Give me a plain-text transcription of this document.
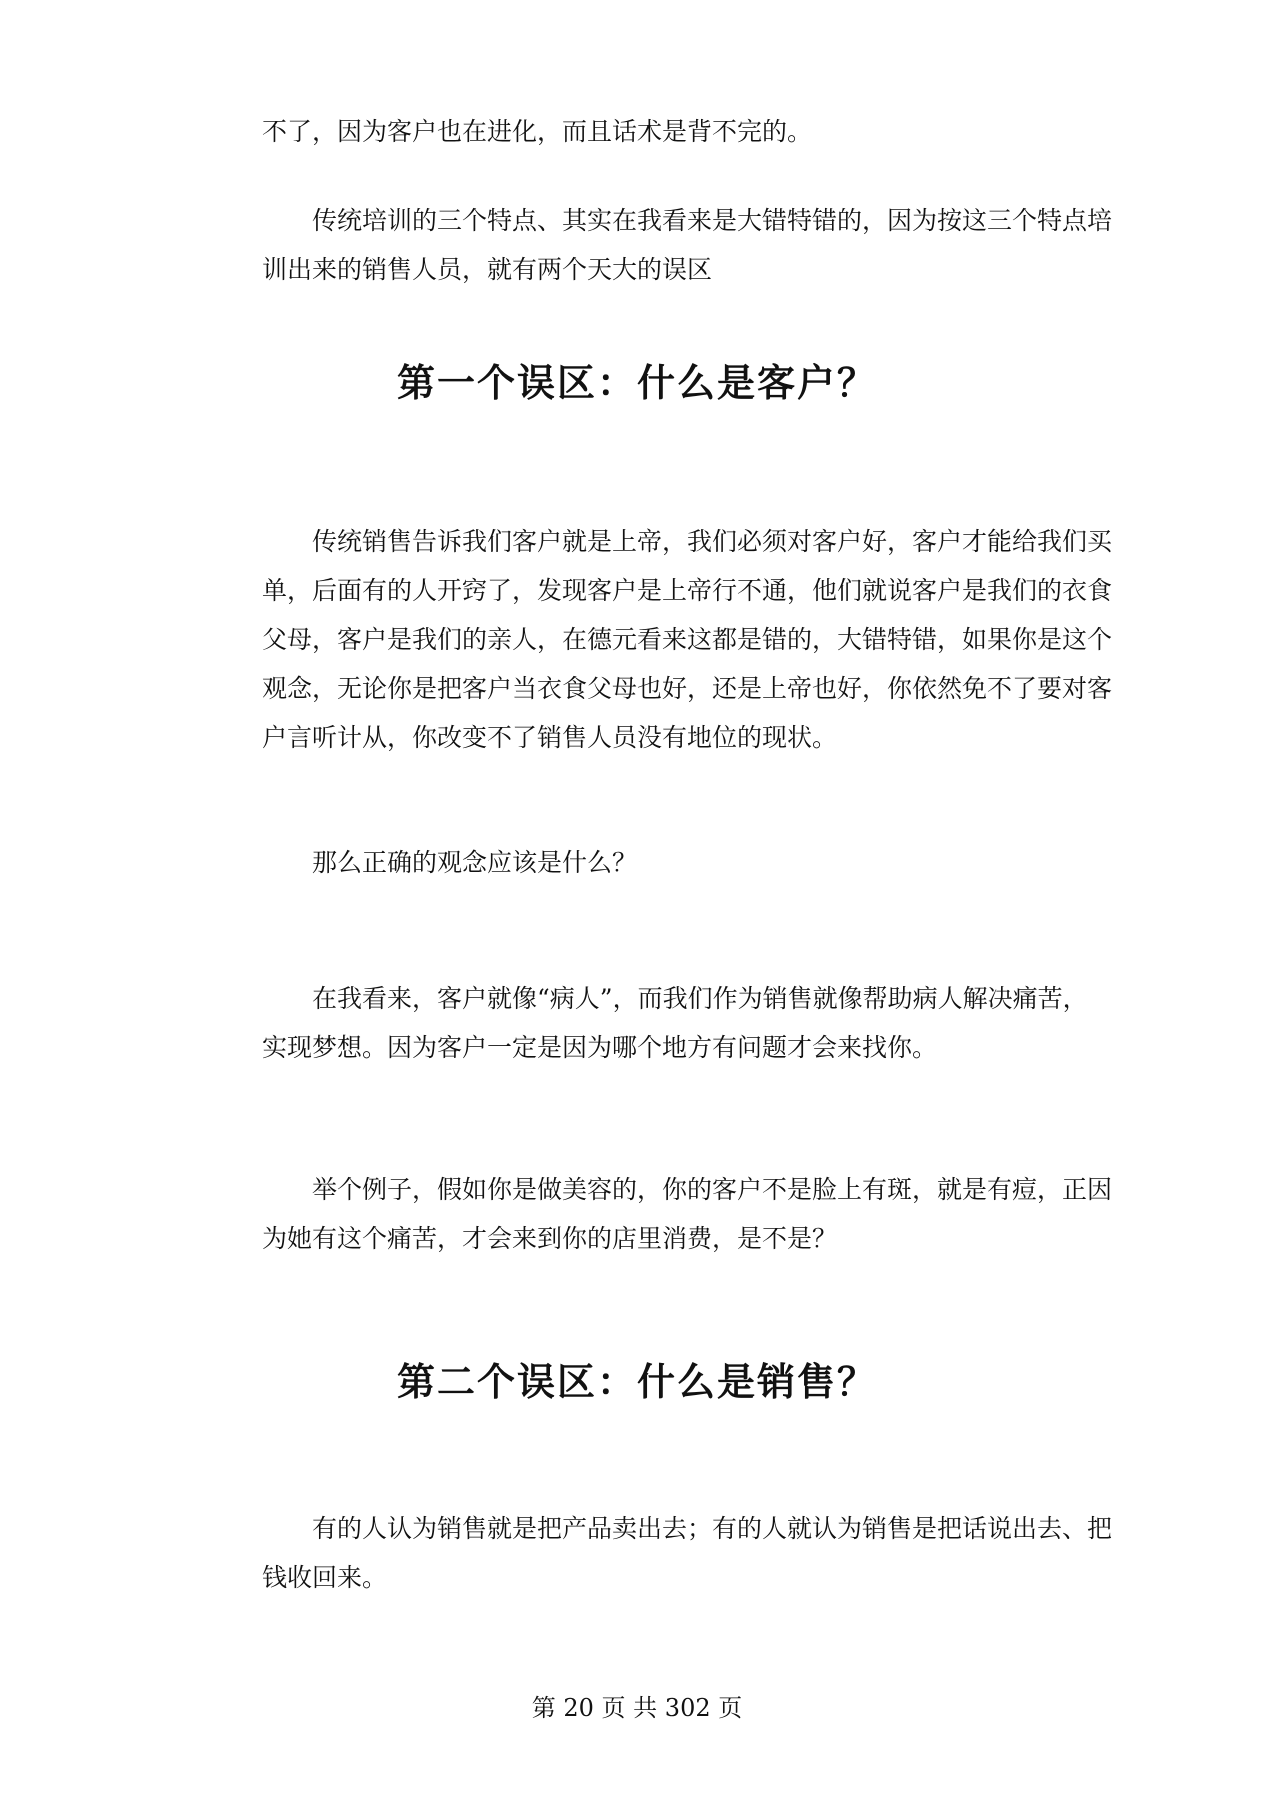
不了，因为客户也在进化，而且话术是背不完的。
传统培训的三个特点、其实在我看来是大错特错的，因为按这三个特点培
训出来的销售人员，就有两个天大的误区
第一个误区：什么是客户？
传统销售告诉我们客户就是上帝，我们必须对客户好，客户才能给我们买
单，后面有的人开窍了，发现客户是上帝行不通，他们就说客户是我们的衣食
父母，客户是我们的亲人，在德元看来这都是错的，大错特错，如果你是这个
观念，无论你是把客户当衣食父母也好，还是上帝也好，你依然免不了要对客
户言听计从，你改变不了销售人员没有地位的现状。
那么正确的观念应该是什么？
在我看来，客户就像“病人”，而我们作为销售就像帮助病人解决痛苦，
实现梦想。因为客户一定是因为哪个地方有问题才会来找你。
举个例子，假如你是做美容的，你的客户不是脸上有斑，就是有痘，正因
为她有这个痛苦，才会来到你的店里消费，是不是？
第二个误区：什么是销售？
有的人认为销售就是把产品卖出去；有的人就认为销售是把话说出去、把
钱收回来。
第 20 页 共 302 页
